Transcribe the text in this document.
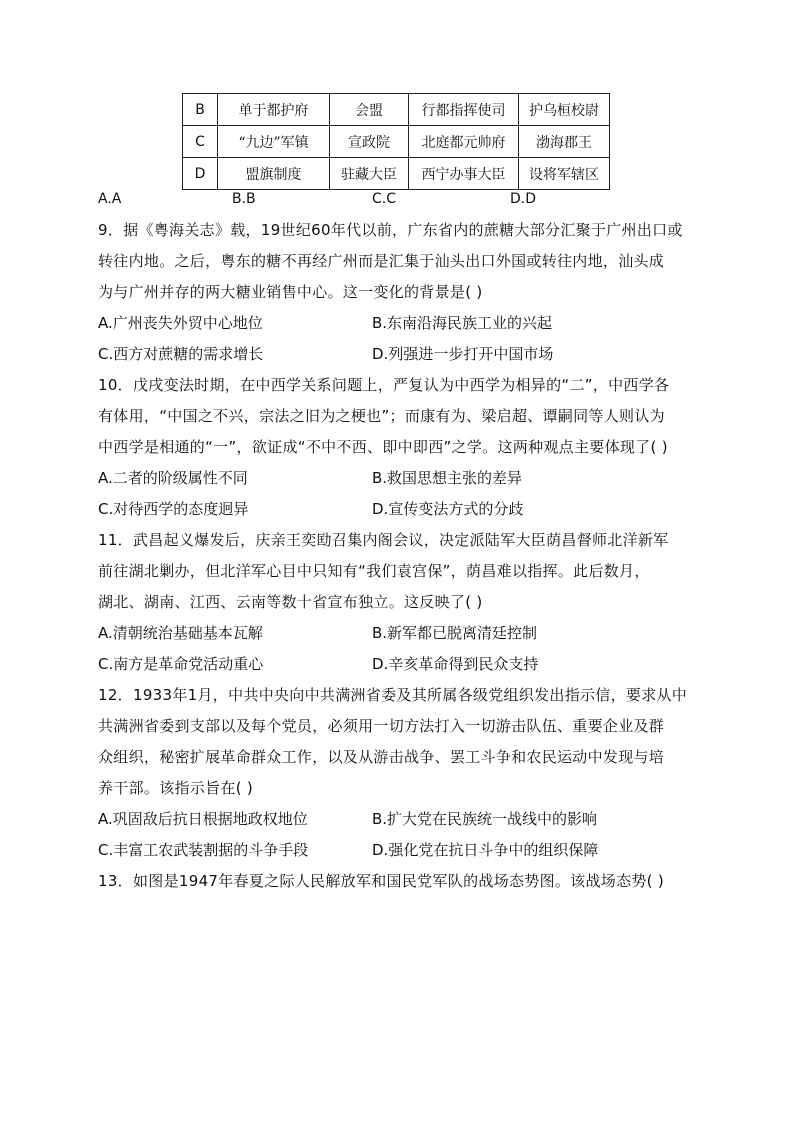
B	单于都护府	会盟	行都指挥使司	护乌桓校尉
C	“九边”军镇	宣政院	北庭都元帅府	渤海郡王
D	盟旗制度	驻藏大臣	西宁办事大臣	设将军辖区
A.A	B.B	C.C	D.D

9．据《粤海关志》载，19世纪60年代以前，广东省内的蔗糖大部分汇聚于广州出口或

转往内地。之后，粤东的糖不再经广州而是汇集于汕头出口外国或转往内地，汕头成

为与广州并存的两大糖业销售中心。这一变化的背景是( )

A.广州丧失外贸中心地位	B.东南沿海民族工业的兴起
C.西方对蔗糖的需求增长	D.列强进一步打开中国市场

10．戊戌变法时期，在中西学关系问题上，严复认为中西学为相异的“二”，中西学各

有体用，“中国之不兴，宗法之旧为之梗也”；而康有为、梁启超、谭嗣同等人则认为

中西学是相通的“一”，欲证成“不中不西、即中即西”之学。这两种观点主要体现了( )

A.二者的阶级属性不同	B.救国思想主张的差异
C.对待西学的态度迥异	D.宣传变法方式的分歧

11．武昌起义爆发后，庆亲王奕劻召集内阁会议，决定派陆军大臣荫昌督师北洋新军

前往湖北剿办，但北洋军心目中只知有“我们袁宫保”，荫昌难以指挥。此后数月，

湖北、湖南、江西、云南等数十省宣布独立。这反映了( )

A.清朝统治基础基本瓦解	B.新军都已脱离清廷控制
C.南方是革命党活动重心	D.辛亥革命得到民众支持

12．1933年1月，中共中央向中共满洲省委及其所属各级党组织发出指示信，要求从中

共满洲省委到支部以及每个党员，必须用一切方法打入一切游击队伍、重要企业及群

众组织，秘密扩展革命群众工作，以及从游击战争、罢工斗争和农民运动中发现与培

养干部。该指示旨在( )

A.巩固敌后抗日根据地政权地位	B.扩大党在民族统一战线中的影响
C.丰富工农武装割据的斗争手段	D.强化党在抗日斗争中的组织保障

13．如图是1947年春夏之际人民解放军和国民党军队的战场态势图。该战场态势( )
